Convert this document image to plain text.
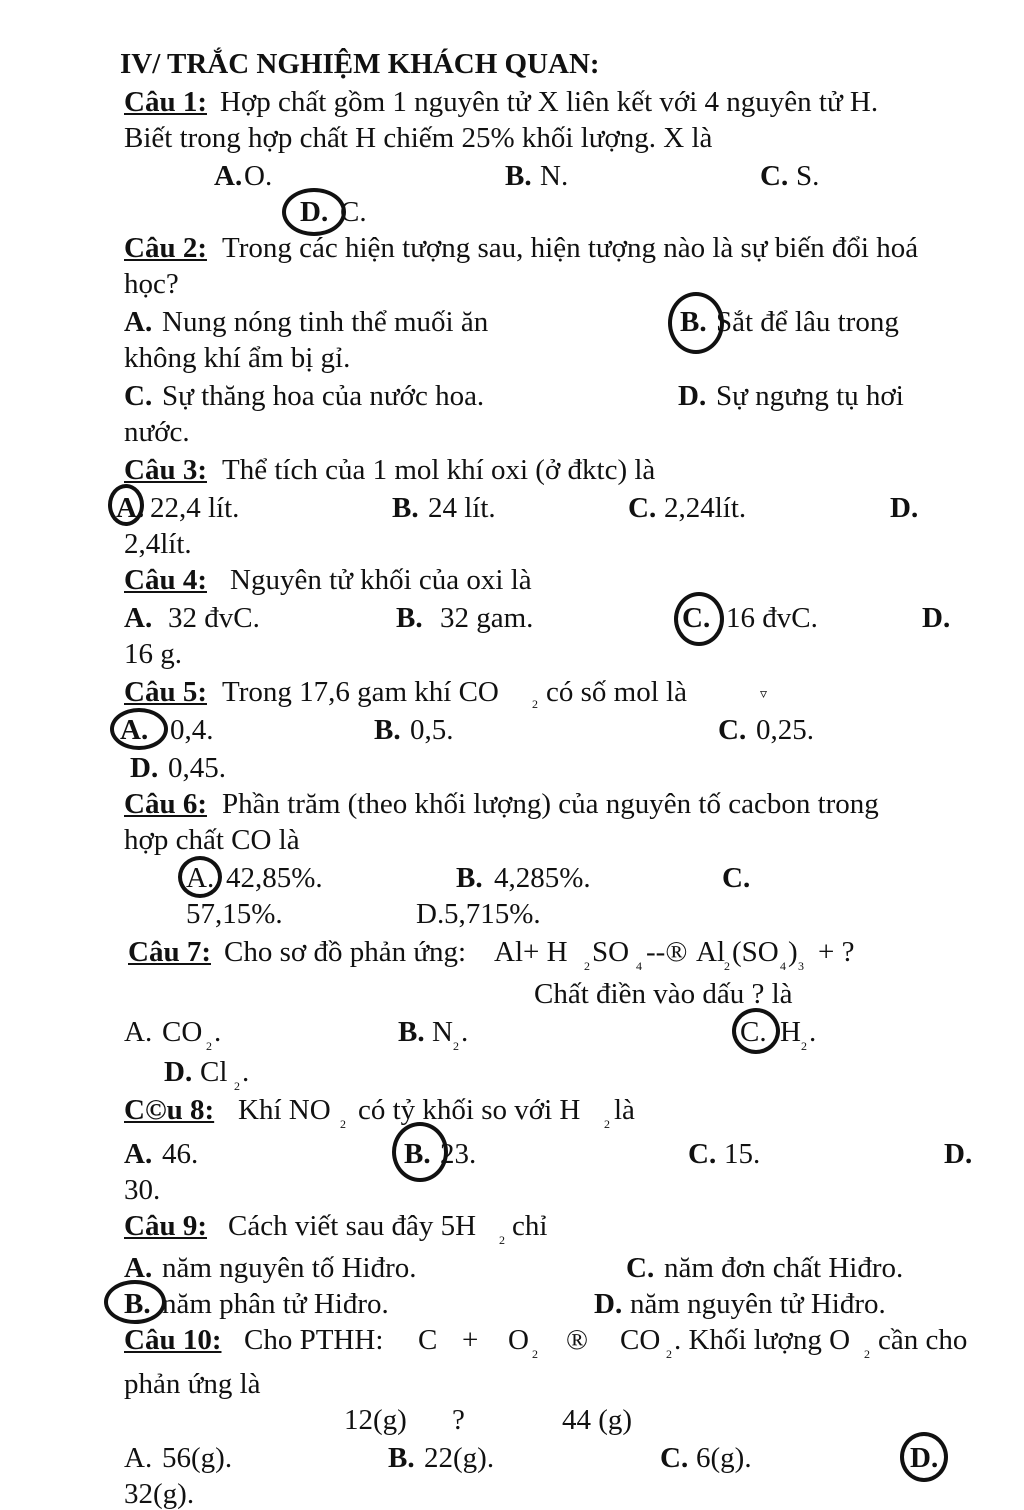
IV/ TRẮC NGHIỆM KHÁCH QUAN:
Câu 1: Hợp chất gồm 1 nguyên tử X liên kết với 4 nguyên tử H.
Biết trong hợp chất H chiếm 25% khối lượng. X là
A. O.	B. N.	C. S.
D. C.
Câu 2: Trong các hiện tượng sau, hiện tượng nào là sự biến đổi hoá
học?
A. Nung nóng tinh thể muối ăn	B. Sắt để lâu trong
không khí ẩm bị gỉ.
C. Sự thăng hoa của nước hoa.	D. Sự ngưng tụ hơi
nước.
Câu 3: Thể tích của 1 mol khí oxi (ở đktc) là
A. 22,4 lít.	B. 24 lít.	C. 2,24lít.	D.
2,4lít.
Câu 4: Nguyên tử khối của oxi là
A. 32 đvC.	B. 32 gam.	C. 16 đvC.	D.
16 g.
Câu 5: Trong 17,6 gam khí CO	2 có số mol là	▿
A. 0,4.	B. 0,5.	C. 0,25.
D. 0,45.
Câu 6: Phần trăm (theo khối lượng) của nguyên tố cacbon trong
hợp chất CO là
A. 42,85%.	B. 4,285%.	C.
57,15%.	D. 5,715%.
Câu 7: Cho sơ đồ phản ứng: Al+ H 2 SO 4 --® Al 2 (SO 4 ) 3 + ?
Chất điền vào dấu ? là
A. CO 2 .	B. N 2 .	C. H 2 .
D. Cl 2 .
C©u 8: Khí NO 2 có tỷ khối so với H 2 là
A. 46.	B. 23.	C. 15.	D.
30.
Câu 9: Cách viết sau đây 5H 2 chỉ
A. năm nguyên tố Hiđro.	C. năm đơn chất Hiđro.
B. năm phân tử Hiđro.	D. năm nguyên tử Hiđro.
Câu 10: Cho PTHH: C + O 2 ® CO 2 . Khối lượng O 2 cần cho
phản ứng là
12(g) ?	44 (g)
A. 56(g).	B. 22(g).	C. 6(g).	D.
32(g).
